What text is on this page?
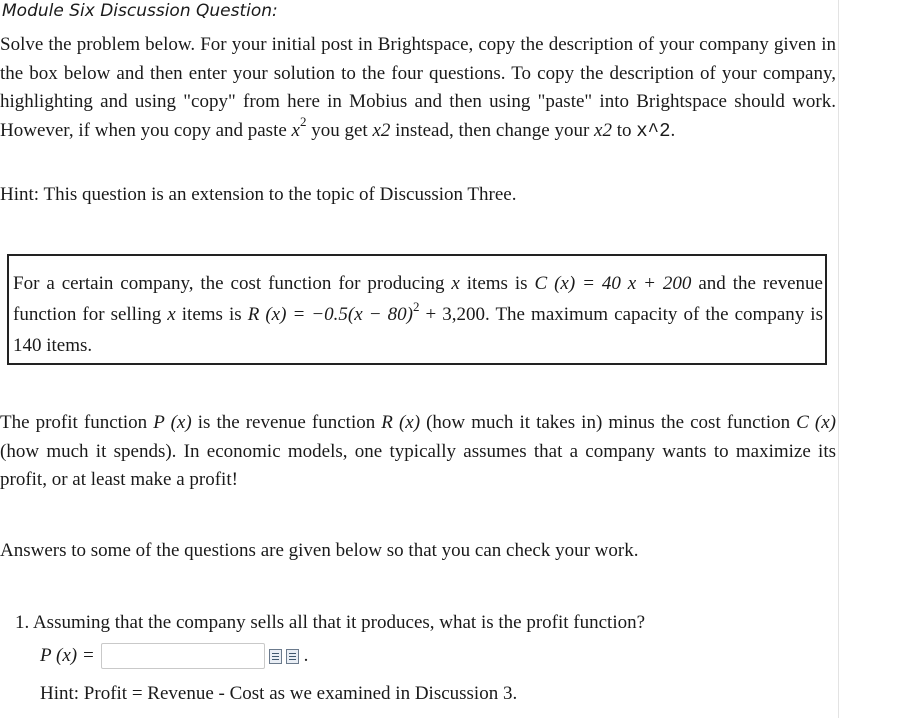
Module Six Discussion Question:
Solve the problem below. For your initial post in Brightspace, copy the description of your company given in the box below and then enter your solution to the four questions. To copy the description of your company, highlighting and using "copy" from here in Mobius and then using "paste" into Brightspace should work. However, if when you copy and paste $x^2$ you get x2 instead, then change your x2 to x^2.
Hint: This question is an extension to the topic of Discussion Three.
For a certain company, the cost function for producing x items is C (x) = 40 x + 200 and the revenue function for selling x items is R $(x) = -0.5(x - 80)^2 + 3,200$. The maximum capacity of the company is 140 items.
The profit function P (x) is the revenue function R (x) (how much it takes in) minus the cost function C (x) (how much it spends). In economic models, one typically assumes that a company wants to maximize its profit, or at least make a profit!
Answers to some of the questions are given below so that you can check your work.
1. Assuming that the company sells all that it produces, what is the profit function?
P (x) =	.
Hint: Profit = Revenue - Cost as we examined in Discussion 3.
